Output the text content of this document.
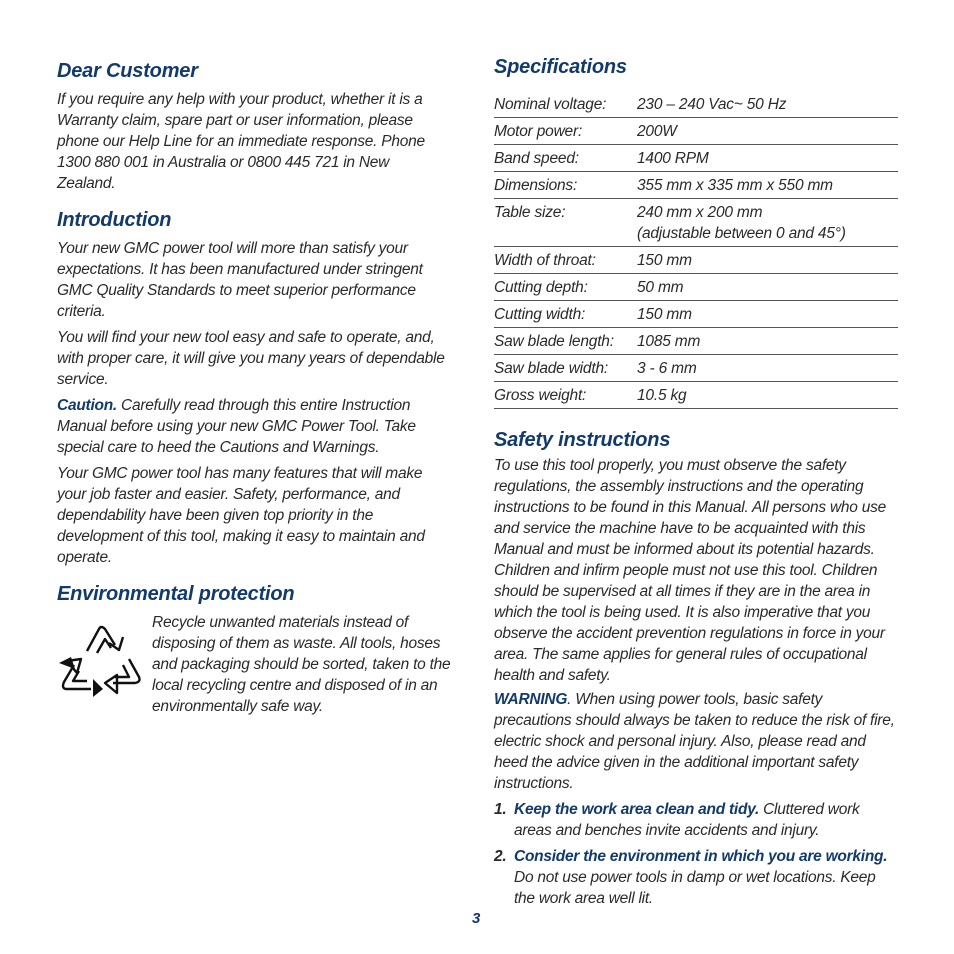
Dear Customer

If you require any help with your product, whether it is a Warranty claim, spare part or user information, please phone our Help Line for an immediate response. Phone 1300 880 001 in Australia or 0800 445 721 in New Zealand.

Introduction

Your new GMC power tool will more than satisfy your expectations. It has been manufactured under stringent GMC Quality Standards to meet superior performance criteria.

You will find your new tool easy and safe to operate, and, with proper care, it will give you many years of dependable service.

Caution. Carefully read through this entire Instruction Manual before using your new GMC Power Tool. Take special care to heed the Cautions and Warnings.

Your GMC power tool has many features that will make your job faster and easier. Safety, performance, and dependability have been given top priority in the development of this tool, making it easy to maintain and operate.

Environmental protection

Recycle unwanted materials instead of disposing of them as waste. All tools, hoses and packaging should be sorted, taken to the local recycling centre and disposed of in an environmentally safe way.

Specifications
Nominal voltage:	230 – 240 Vac~ 50 Hz

Motor power:	200W

Band speed:	1400 RPM

Dimensions:	355 mm x 335 mm x 550 mm

Table size:	240 mm x 200 mm
(adjustable between 0 and 45°)

Width of throat:	150 mm

Cutting depth:	50 mm

Cutting width:	150 mm

Saw blade length:	1085 mm

Saw blade width:	3 - 6 mm

Gross weight:	10.5 kg
Safety instructions

To use this tool properly, you must observe the safety regulations, the assembly instructions and the operating instructions to be found in this Manual. All persons who use and service the machine have to be acquainted with this Manual and must be informed about its potential hazards. Children and infirm people must not use this tool. Children should be supervised at all times if they are in the area in which the tool is being used. It is also imperative that you observe the accident prevention regulations in force in your area. The same applies for general rules of occupational health and safety.

WARNING. When using power tools, basic safety precautions should always be taken to reduce the risk of fire, electric shock and personal injury. Also, please read and heed the advice given in the additional important safety instructions.

1. Keep the work area clean and tidy. Cluttered work areas and benches invite accidents and injury.

2. Consider the environment in which you are working. Do not use power tools in damp or wet locations. Keep the work area well lit.

3
